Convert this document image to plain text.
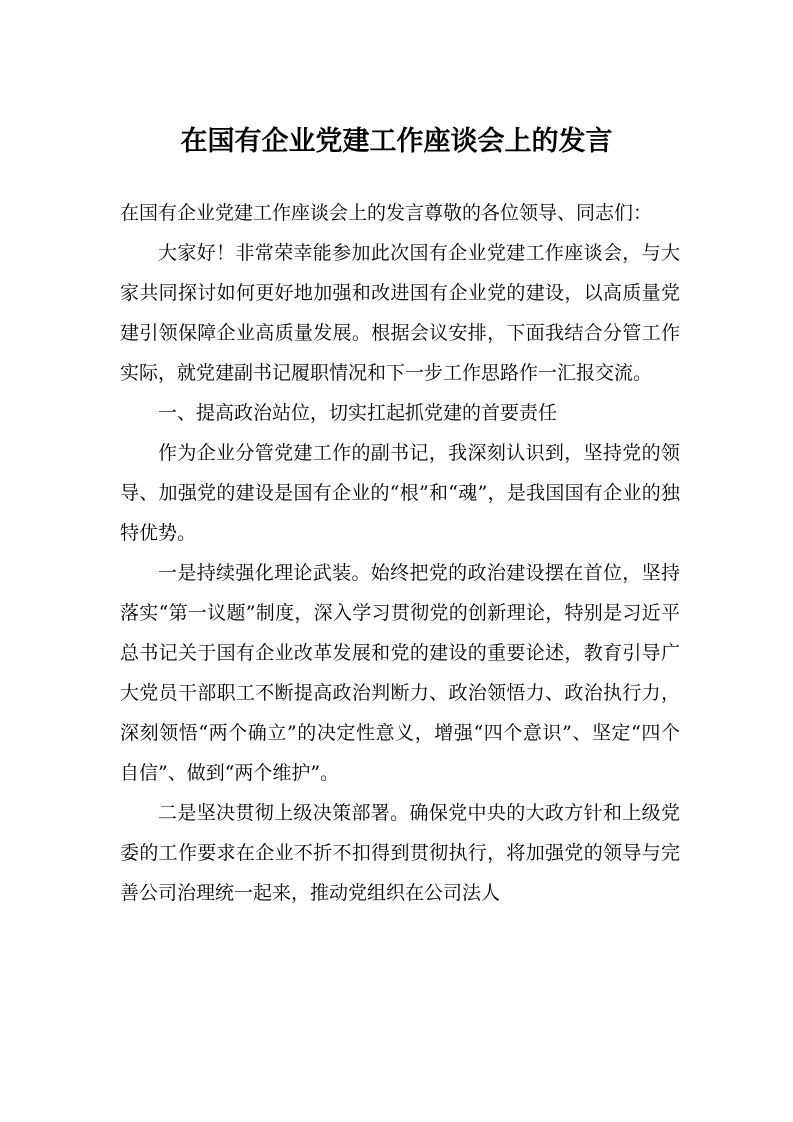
在国有企业党建工作座谈会上的发言

在国有企业党建工作座谈会上的发言尊敬的各位领导、同志们：

大家好！非常荣幸能参加此次国有企业党建工作座谈会，与大家共同探讨如何更好地加强和改进国有企业党的建设，以高质量党建引领保障企业高质量发展。根据会议安排，下面我结合分管工作实际，就党建副书记履职情况和下一步工作思路作一汇报交流。

一、提高政治站位，切实扛起抓党建的首要责任

作为企业分管党建工作的副书记，我深刻认识到，坚持党的领导、加强党的建设是国有企业的“根”和“魂”，是我国国有企业的独特优势。

一是持续强化理论武装。始终把党的政治建设摆在首位，坚持落实“第一议题”制度，深入学习贯彻党的创新理论，特别是习近平总书记关于国有企业改革发展和党的建设的重要论述，教育引导广大党员干部职工不断提高政治判断力、政治领悟力、政治执行力，深刻领悟“两个确立”的决定性意义，增强“四个意识”、坚定“四个自信”、做到“两个维护”。

二是坚决贯彻上级决策部署。确保党中央的大政方针和上级党委的工作要求在企业不折不扣得到贯彻执行，将加强党的领导与完善公司治理统一起来，推动党组织在公司法人
